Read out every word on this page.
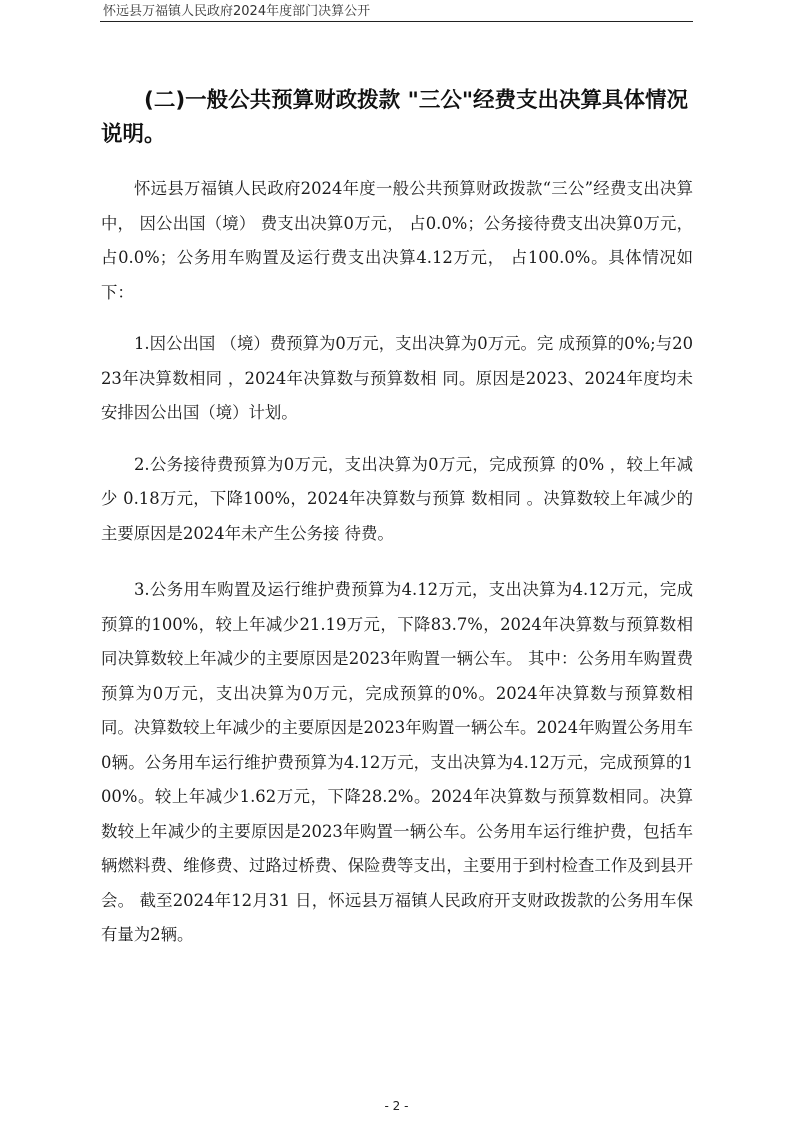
怀远县万福镇人民政府2024年度部门决算公开

(二)一般公共预算财政拨款 "三公"经费支出决算具体情况说明。

怀远县万福镇人民政府2024年度一般公共预算财政拨款“三公”经费支出决算中， 因公出国（境） 费支出决算0万元， 占0.0%；公务接待费支出决算0万元， 占0.0%；公务用车购置及运行费支出决算4.12万元， 占100.0%。具体情况如下：

1.因公出国 （境）费预算为0万元，支出决算为0万元。完 成预算的0%;与2023年决算数相同 ，2024年决算数与预算数相 同。原因是2023、2024年度均未安排因公出国（境）计划。

2.公务接待费预算为0万元，支出决算为0万元，完成预算 的0% ，较上年减少 0.18万元，下降100%，2024年决算数与预算 数相同 。决算数较上年减少的主要原因是2024年未产生公务接 待费。

3.公务用车购置及运行维护费预算为4.12万元，支出决算为4.12万元，完成预算的100%，较上年减少21.19万元，下降83.7%，2024年决算数与预算数相同决算数较上年减少的主要原因是2023年购置一辆公车。 其中：公务用车购置费预算为0万元，支出决算为0万元，完成预算的0%。2024年决算数与预算数相同。决算数较上年减少的主要原因是2023年购置一辆公车。2024年购置公务用车0辆。公务用车运行维护费预算为4.12万元，支出决算为4.12万元，完成预算的100%。较上年减少1.62万元，下降28.2%。2024年决算数与预算数相同。决算数较上年减少的主要原因是2023年购置一辆公车。公务用车运行维护费，包括车辆燃料费、维修费、过路过桥费、保险费等支出，主要用于到村检查工作及到县开会。 截至2024年12月31 日，怀远县万福镇人民政府开支财政拨款的公务用车保有量为2辆。

- 2 -
